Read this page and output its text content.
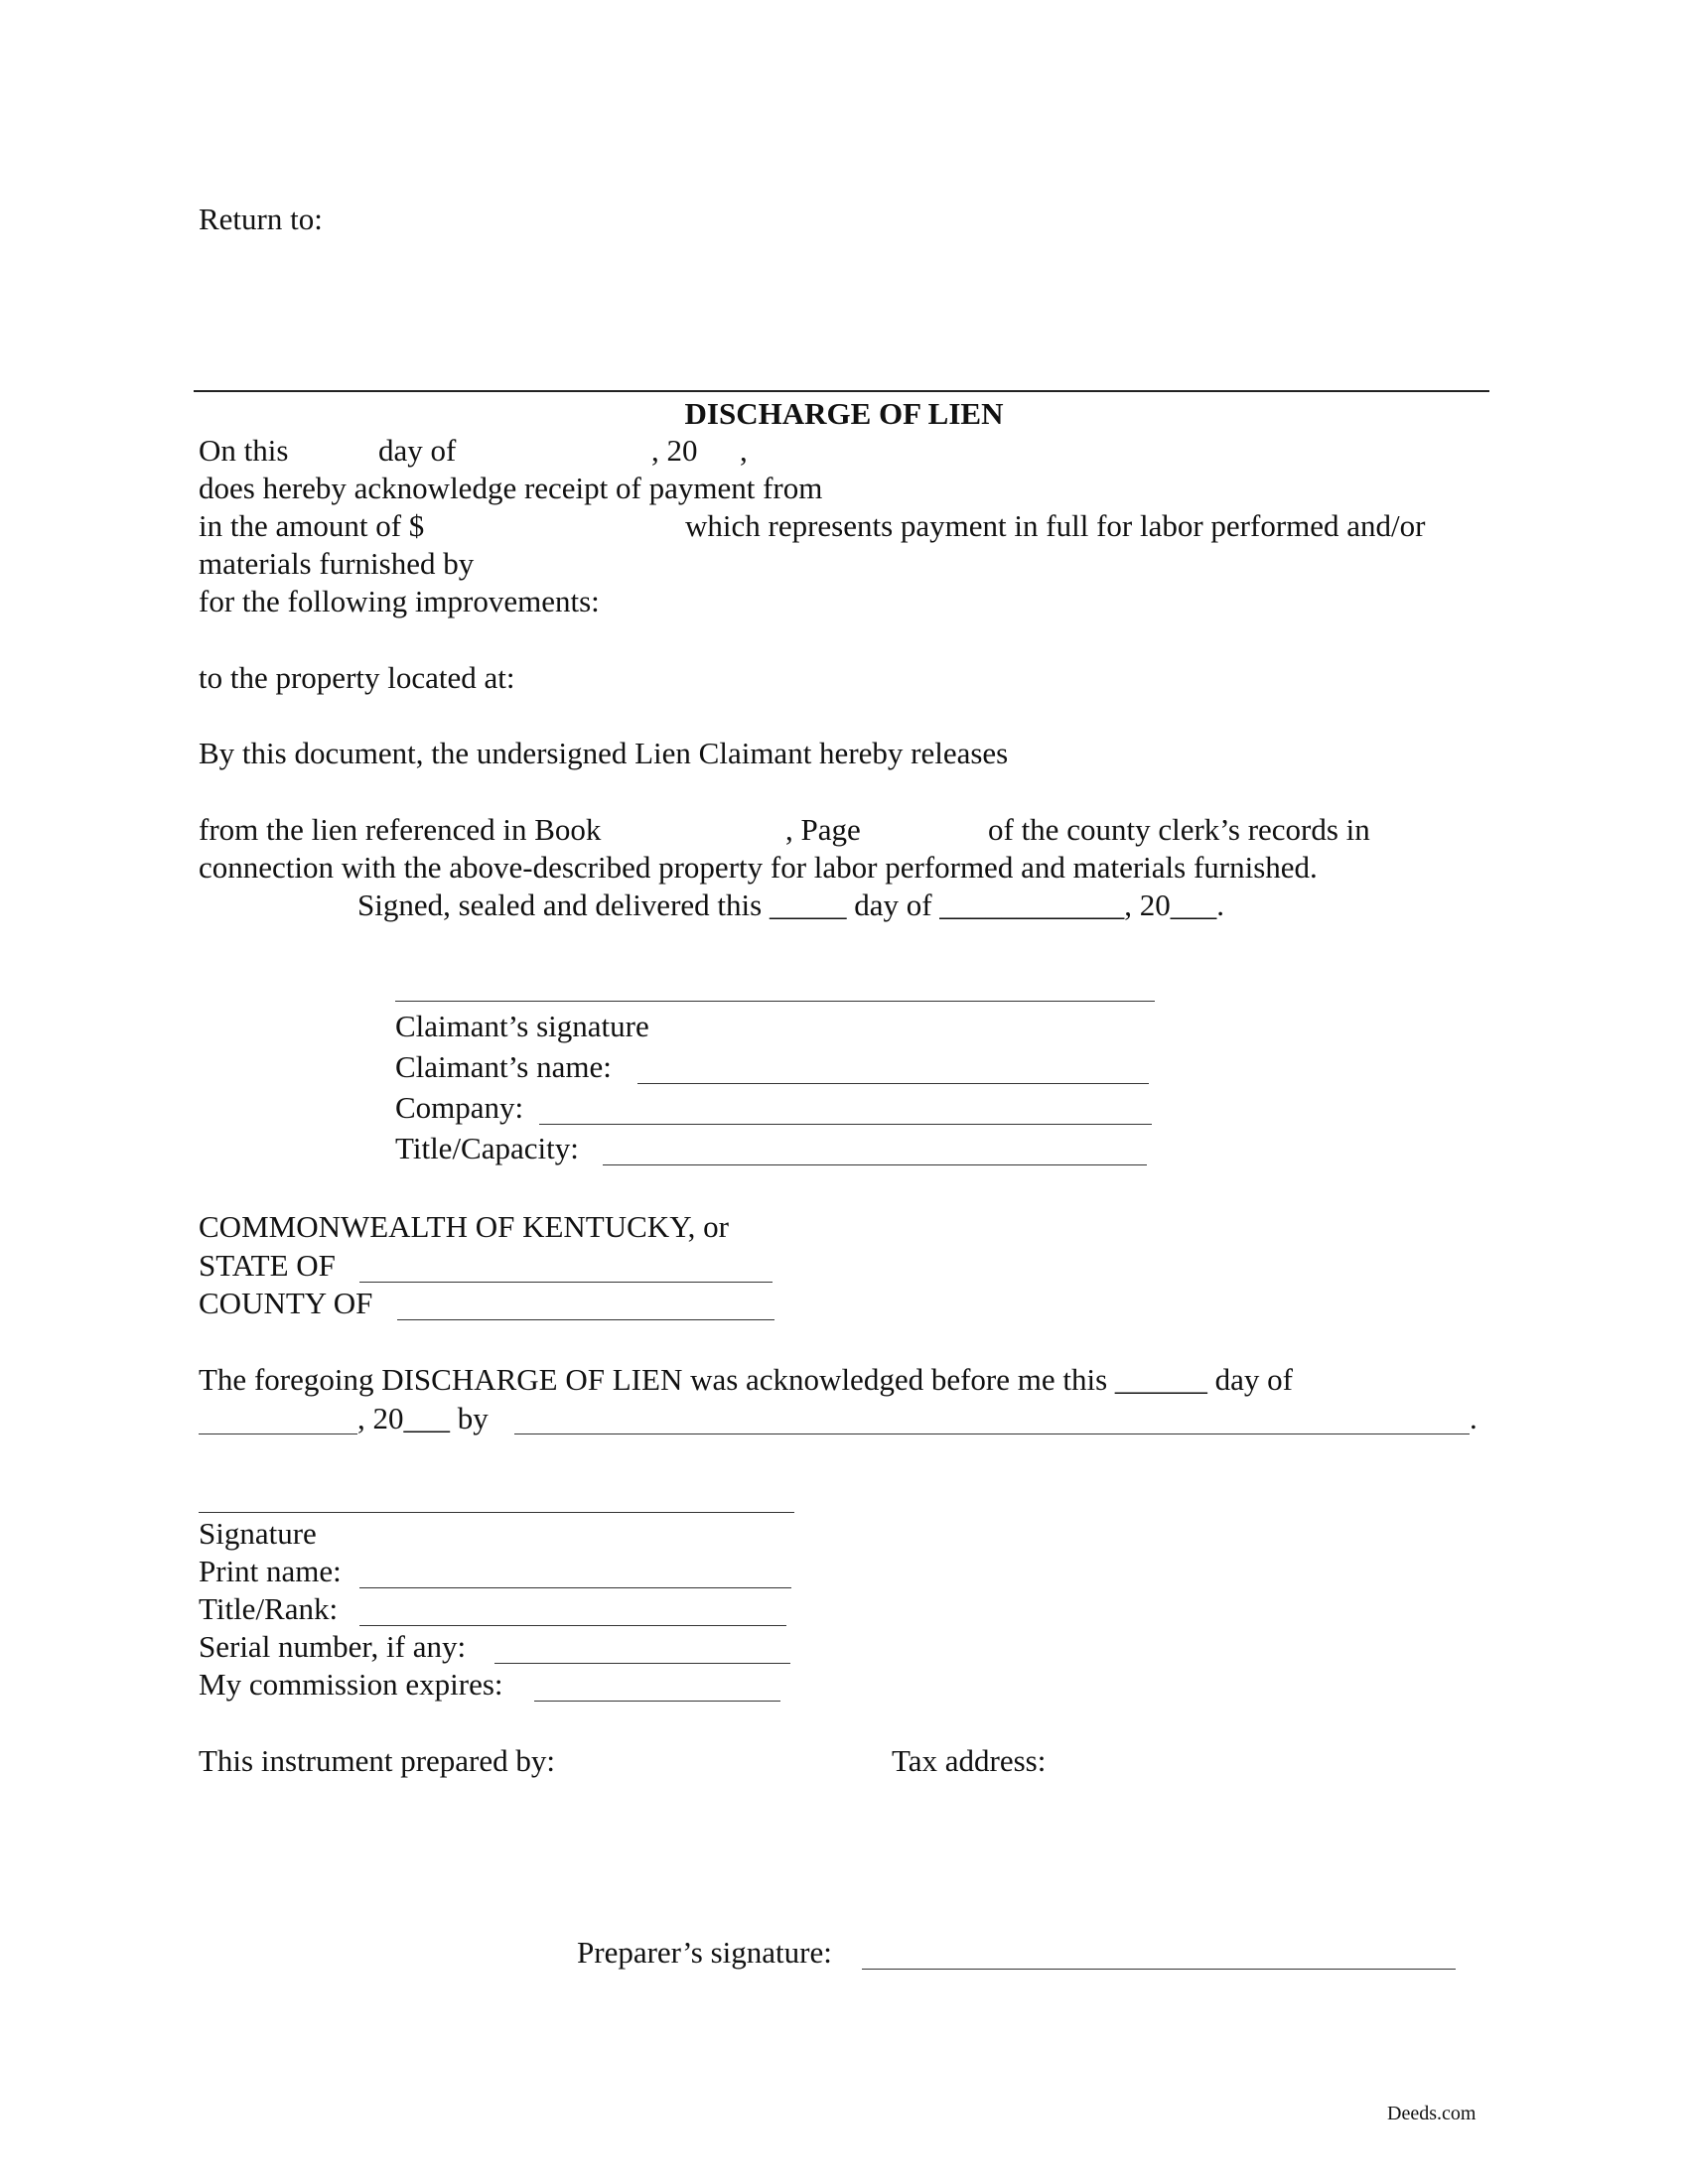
Return to:
DISCHARGE OF LIEN
On this	day of	, 20 ,
does hereby acknowledge receipt of payment from
in the amount of $	which represents payment in full for labor performed and/or
materials furnished by
for the following improvements:
to the property located at:
By this document, the undersigned Lien Claimant hereby releases
from the lien referenced in Book	, Page	of the county clerk’s records in
connection with the above-described property for labor performed and materials furnished.
Signed, sealed and delivered this _____ day of ____________, 20___.
Claimant’s signature
Claimant’s name:
Company:
Title/Capacity:
COMMONWEALTH OF KENTUCKY, or
STATE OF
COUNTY OF
The foregoing DISCHARGE OF LIEN was acknowledged before me this ______ day of
, 20___ by	.
Signature
Print name:
Title/Rank:
Serial number, if any:
My commission expires:
This instrument prepared by:	Tax address:
Preparer’s signature:
Deeds.com
